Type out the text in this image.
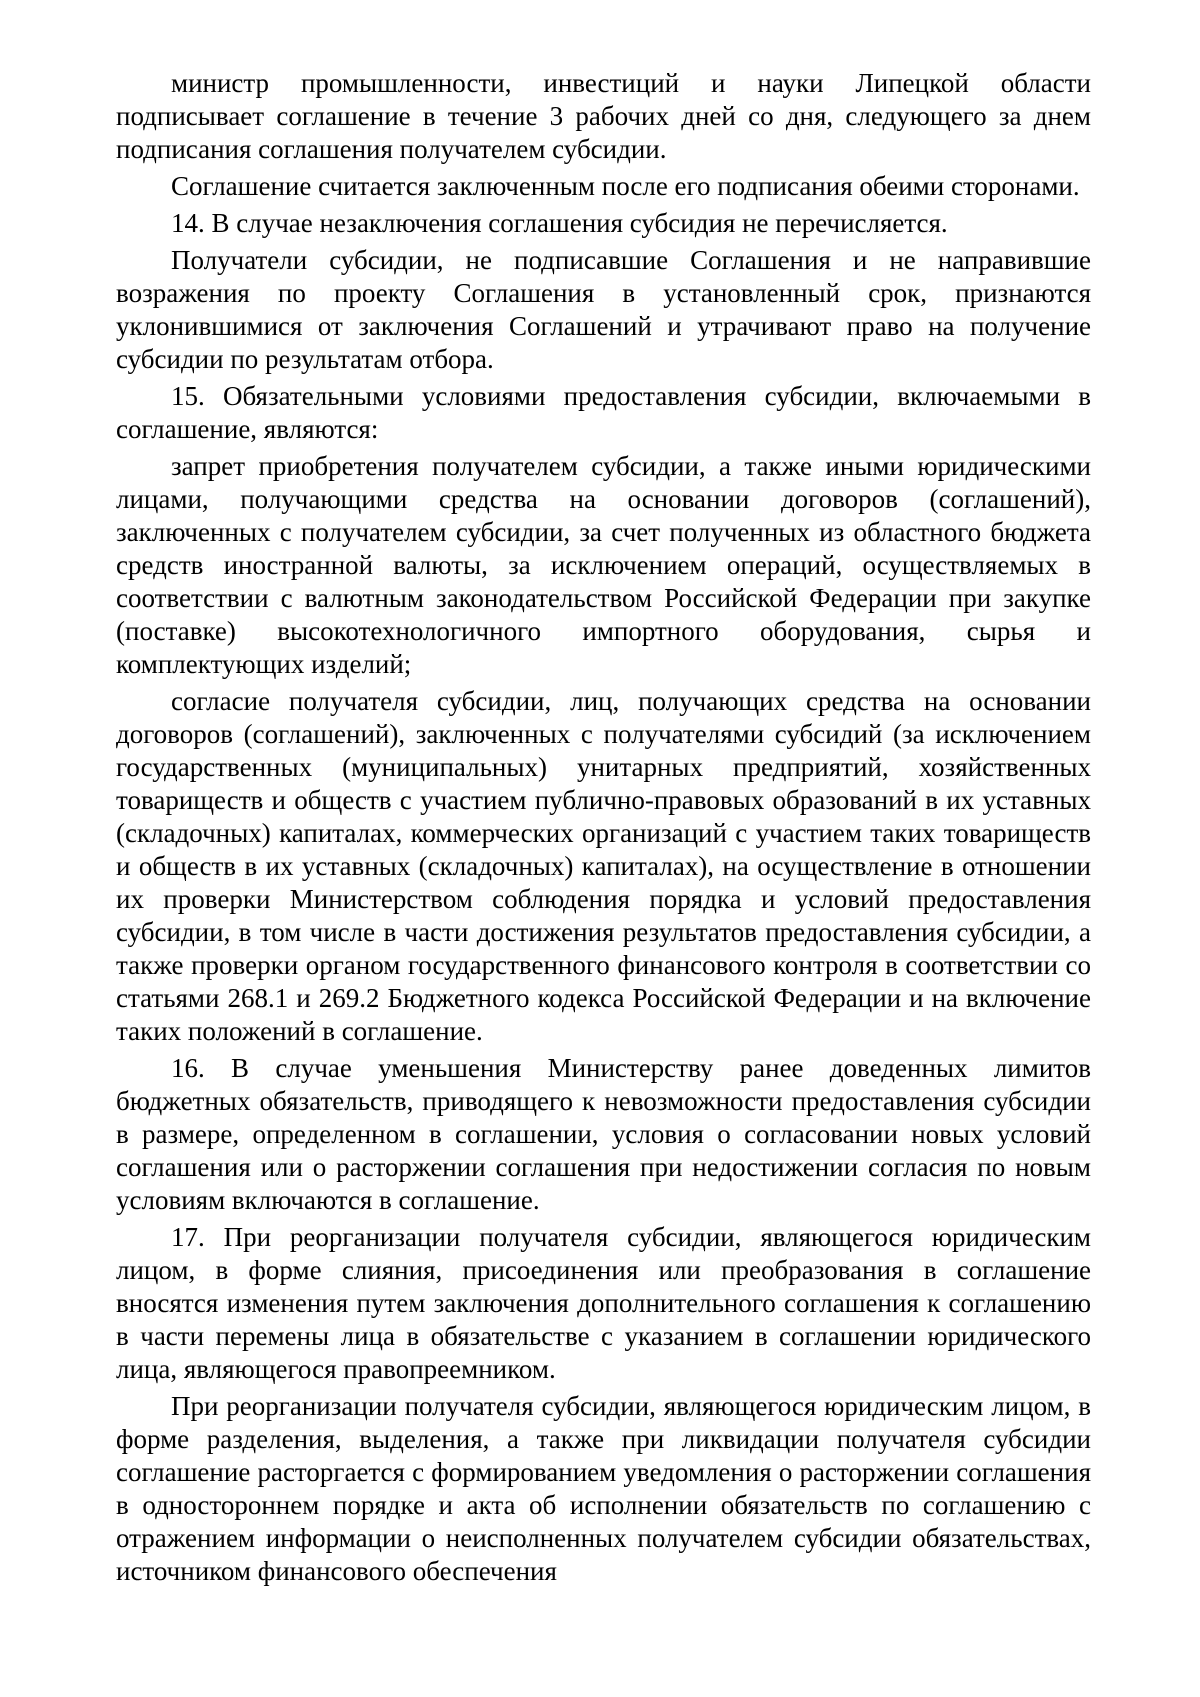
министр промышленности, инвестиций и науки Липецкой области подписывает соглашение в течение 3 рабочих дней со дня, следующего за днем подписания соглашения получателем субсидии.

Соглашение считается заключенным после его подписания обеими сторонами.

14. В случае незаключения соглашения субсидия не перечисляется.

Получатели субсидии, не подписавшие Соглашения и не направившие возражения по проекту Соглашения в установленный срок, признаются уклонившимися от заключения Соглашений и утрачивают право на получение субсидии по результатам отбора.

15. Обязательными условиями предоставления субсидии, включаемыми в соглашение, являются:

запрет приобретения получателем субсидии, а также иными юридическими лицами, получающими средства на основании договоров (соглашений), заключенных с получателем субсидии, за счет полученных из областного бюджета средств иностранной валюты, за исключением операций, осуществляемых в соответствии с валютным законодательством Российской Федерации при закупке (поставке) высокотехнологичного импортного оборудования, сырья и комплектующих изделий;

согласие получателя субсидии, лиц, получающих средства на основании договоров (соглашений), заключенных с получателями субсидий (за исключением государственных (муниципальных) унитарных предприятий, хозяйственных товариществ и обществ с участием публично-правовых образований в их уставных (складочных) капиталах, коммерческих организаций с участием таких товариществ и обществ в их уставных (складочных) капиталах), на осуществление в отношении их проверки Министерством соблюдения порядка и условий предоставления субсидии, в том числе в части достижения результатов предоставления субсидии, а также проверки органом государственного финансового контроля в соответствии со статьями 268.1 и 269.2 Бюджетного кодекса Российской Федерации и на включение таких положений в соглашение.

16. В случае уменьшения Министерству ранее доведенных лимитов бюджетных обязательств, приводящего к невозможности предоставления субсидии в размере, определенном в соглашении, условия о согласовании новых условий соглашения или о расторжении соглашения при недостижении согласия по новым условиям включаются в соглашение.

17. При реорганизации получателя субсидии, являющегося юридическим лицом, в форме слияния, присоединения или преобразования в соглашение вносятся изменения путем заключения дополнительного соглашения к соглашению в части перемены лица в обязательстве с указанием в соглашении юридического лица, являющегося правопреемником.

При реорганизации получателя субсидии, являющегося юридическим лицом, в форме разделения, выделения, а также при ликвидации получателя субсидии соглашение расторгается с формированием уведомления о расторжении соглашения в одностороннем порядке и акта об исполнении обязательств по соглашению с отражением информации о неисполненных получателем субсидии обязательствах, источником финансового обеспечения
